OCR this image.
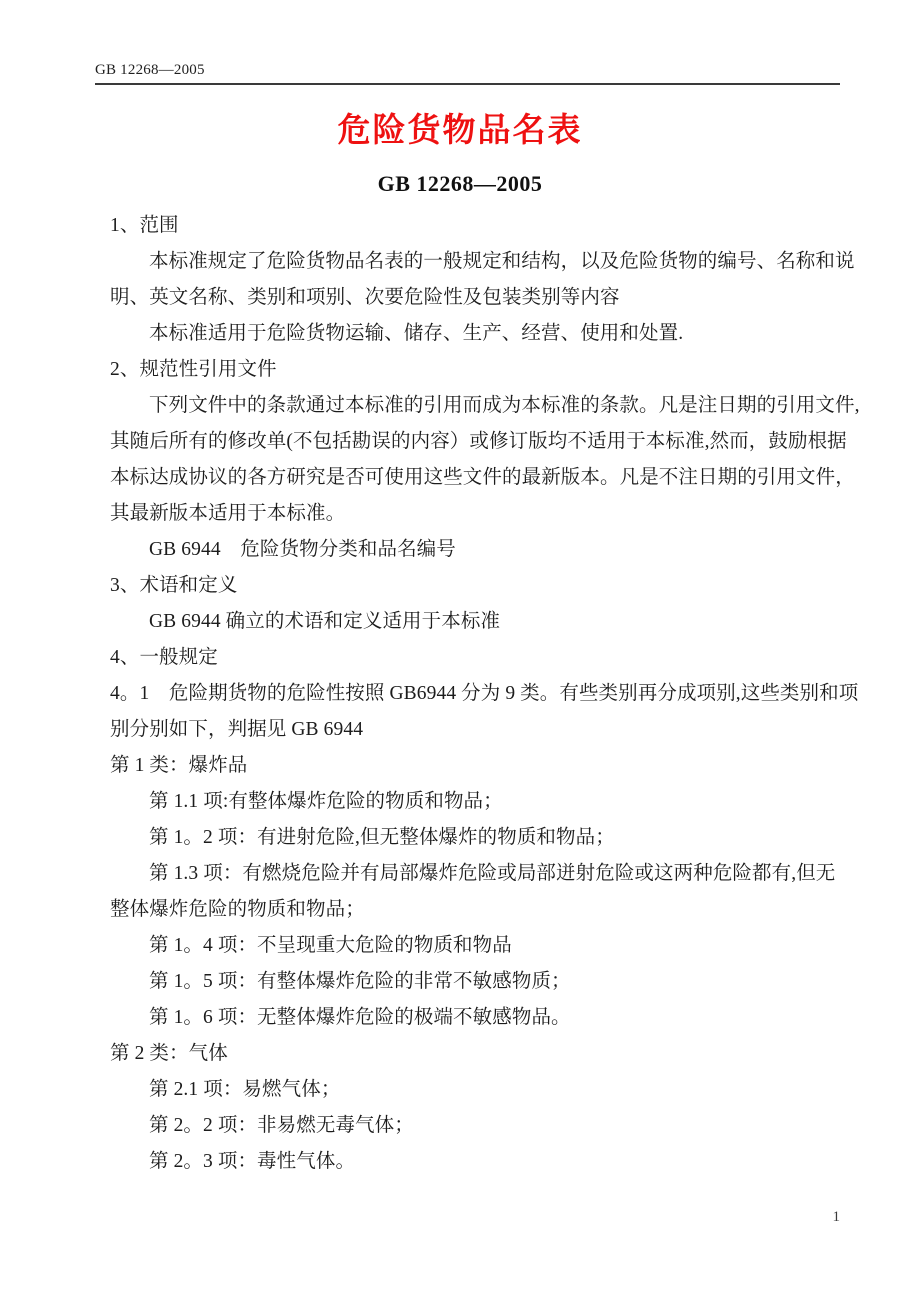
GB 12268—2005
危险货物品名表
GB 12268—2005
1、范围
本标准规定了危险货物品名表的一般规定和结构，以及危险货物的编号、名称和说
明、英文名称、类别和项别、次要危险性及包装类别等内容
本标准适用于危险货物运输、储存、生产、经营、使用和处置.
2、规范性引用文件
下列文件中的条款通过本标准的引用而成为本标准的条款。凡是注日期的引用文件,
其随后所有的修改单(不包括勘误的内容）或修订版均不适用于本标准,然而，鼓励根据
本标达成协议的各方研究是否可使用这些文件的最新版本。凡是不注日期的引用文件，
其最新版本适用于本标准。
GB 6944　危险货物分类和品名编号
3、术语和定义
GB 6944 确立的术语和定义适用于本标准
4、一般规定
4。1　危险期货物的危险性按照 GB6944 分为 9 类。有些类别再分成项别,这些类别和项
别分别如下，判据见 GB 6944
第 1 类：爆炸品
第 1.1 项:有整体爆炸危险的物质和物品；
第 1。2 项：有进射危险,但无整体爆炸的物质和物品；
第 1.3 项：有燃烧危险并有局部爆炸危险或局部迸射危险或这两种危险都有,但无
整体爆炸危险的物质和物品；
第 1。4 项：不呈现重大危险的物质和物品
第 1。5 项：有整体爆炸危险的非常不敏感物质；
第 1。6 项：无整体爆炸危险的极端不敏感物品。
第 2 类：气体
第 2.1 项：易燃气体；
第 2。2 项：非易燃无毒气体；
第 2。3 项：毒性气体。
1
